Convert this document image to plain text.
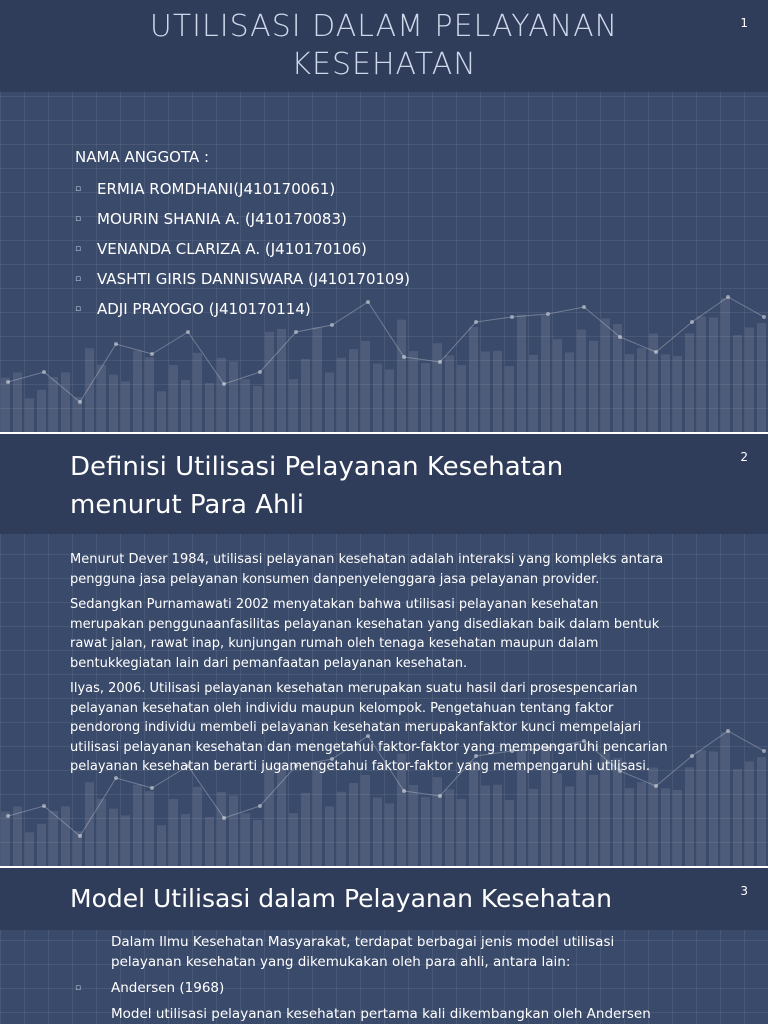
UTILISASI DALAM PELAYANAN
KESEHATAN
1
NAMA ANGGOTA :
▫	ERMIA ROMDHANI(J410170061)
▫	MOURIN SHANIA A. (J410170083)
▫	VENANDA CLARIZA A. (J410170106)
▫	VASHTI GIRIS DANNISWARA (J410170109)
▫	ADJI PRAYOGO (J410170114)
Definisi Utilisasi Pelayanan Kesehatan
menurut Para Ahli
2

Menurut Dever 1984, utilisasi pelayanan kesehatan adalah interaksi yang kompleks antara pengguna jasa pelayanan konsumen danpenyelenggara jasa pelayanan provider.

Sedangkan Purnamawati 2002 menyatakan bahwa utilisasi pelayanan kesehatan merupakan penggunaanfasilitas pelayanan kesehatan yang disediakan baik dalam bentuk rawat jalan, rawat inap, kunjungan rumah oleh tenaga kesehatan maupun dalam bentukkegiatan lain dari pemanfaatan pelayanan kesehatan.

Ilyas, 2006. Utilisasi pelayanan kesehatan merupakan suatu hasil dari prosespencarian pelayanan kesehatan oleh individu maupun kelompok. Pengetahuan tentang faktor pendorong individu membeli pelayanan kesehatan merupakanfaktor kunci mempelajari utilisasi pelayanan kesehatan dan mengetahui faktor-faktor yang mempengaruhi pencarian pelayanan kesehatan berarti jugamengetahui faktor-faktor yang mempengaruhi utilisasi.

Model Utilisasi dalam Pelayanan Kesehatan	3
Dalam Ilmu Kesehatan Masyarakat, terdapat berbagai jenis model utilisasi pelayanan kesehatan yang dikemukakan oleh para ahli, antara lain:
▫	Andersen (1968)
Model utilisasi pelayanan kesehatan pertama kali dikembangkan oleh Andersen
